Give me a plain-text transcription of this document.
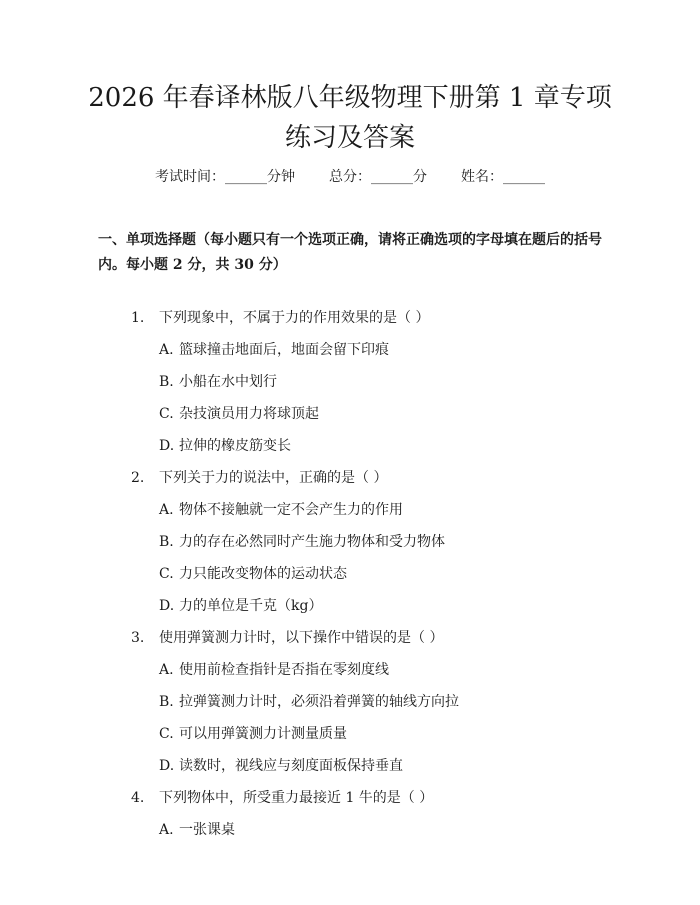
2026 年春译林版八年级物理下册第 1 章专项
练习及答案
考试时间：______分钟 总分：______分 姓名：______

一、单项选择题（每小题只有一个选项正确，请将正确选项的字母填在题后的括号内。每小题 2 分，共 30 分）

1. 下列现象中，不属于力的作用效果的是（ ）
A. 篮球撞击地面后，地面会留下印痕
B. 小船在水中划行
C. 杂技演员用力将球顶起
D. 拉伸的橡皮筋变长
2. 下列关于力的说法中，正确的是（ ）
A. 物体不接触就一定不会产生力的作用
B. 力的存在必然同时产生施力物体和受力物体
C. 力只能改变物体的运动状态
D. 力的单位是千克（kg）
3. 使用弹簧测力计时，以下操作中错误的是（ ）
A. 使用前检查指针是否指在零刻度线
B. 拉弹簧测力计时，必须沿着弹簧的轴线方向拉
C. 可以用弹簧测力计测量质量
D. 读数时，视线应与刻度面板保持垂直
4. 下列物体中，所受重力最接近 1 牛的是（ ）
A. 一张课桌
